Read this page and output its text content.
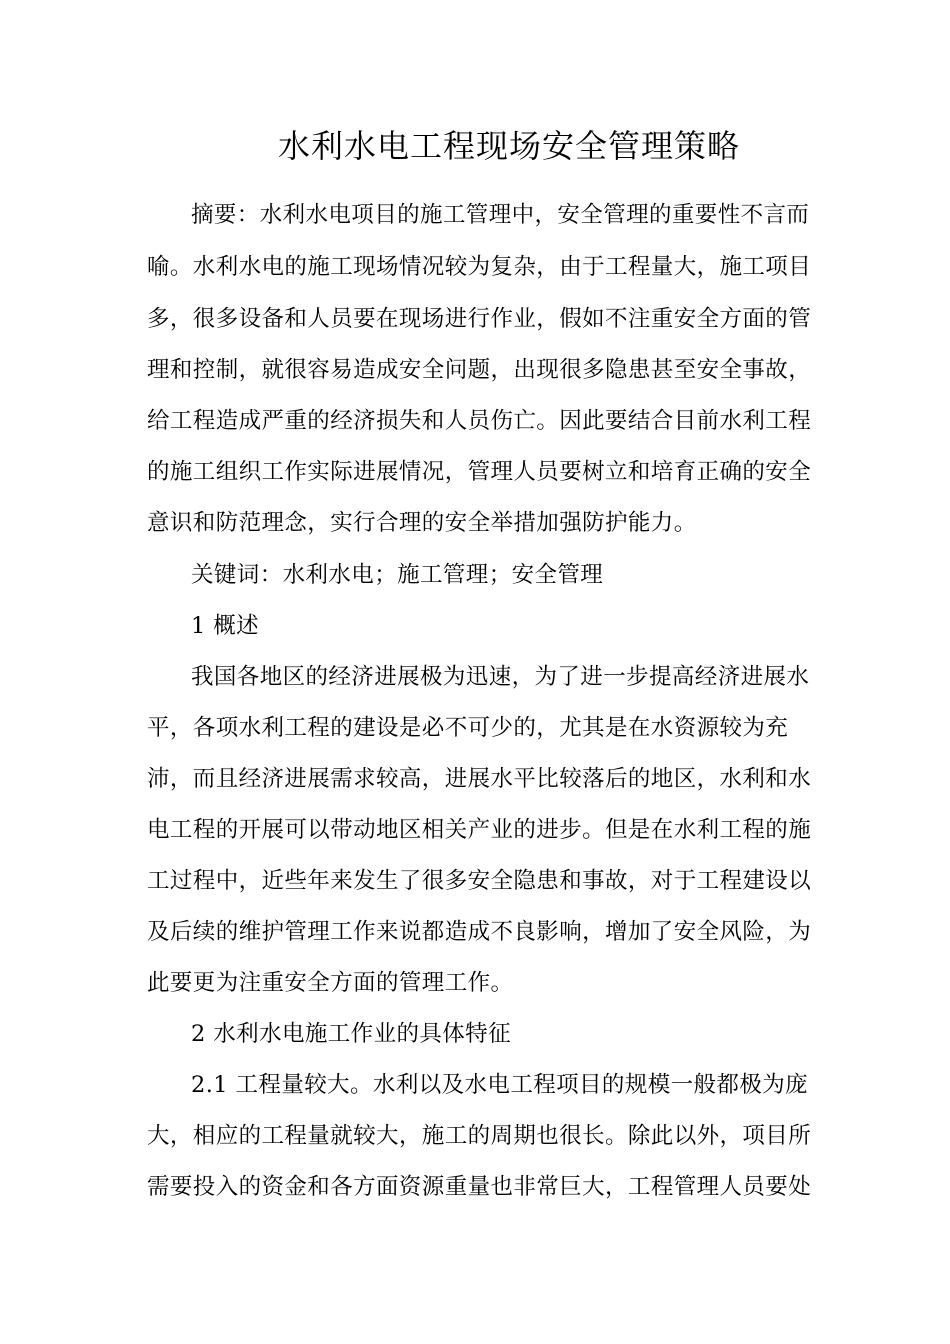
水利水电工程现场安全管理策略
摘要：水利水电项目的施工管理中，安全管理的重要性不言而
喻。水利水电的施工现场情况较为复杂，由于工程量大，施工项目
多，很多设备和人员要在现场进行作业，假如不注重安全方面的管
理和控制，就很容易造成安全问题，出现很多隐患甚至安全事故，
给工程造成严重的经济损失和人员伤亡。因此要结合目前水利工程
的施工组织工作实际进展情况，管理人员要树立和培育正确的安全
意识和防范理念，实行合理的安全举措加强防护能力。
关键词：水利水电；施工管理；安全管理
1 概述
我国各地区的经济进展极为迅速，为了进一步提高经济进展水
平，各项水利工程的建设是必不可少的，尤其是在水资源较为充
沛，而且经济进展需求较高，进展水平比较落后的地区，水利和水
电工程的开展可以带动地区相关产业的进步。但是在水利工程的施
工过程中，近些年来发生了很多安全隐患和事故，对于工程建设以
及后续的维护管理工作来说都造成不良影响，增加了安全风险，为
此要更为注重安全方面的管理工作。
2 水利水电施工作业的具体特征
2.1 工程量较大。水利以及水电工程项目的规模一般都极为庞
大，相应的工程量就较大，施工的周期也很长。除此以外，项目所
需要投入的资金和各方面资源重量也非常巨大，工程管理人员要处
